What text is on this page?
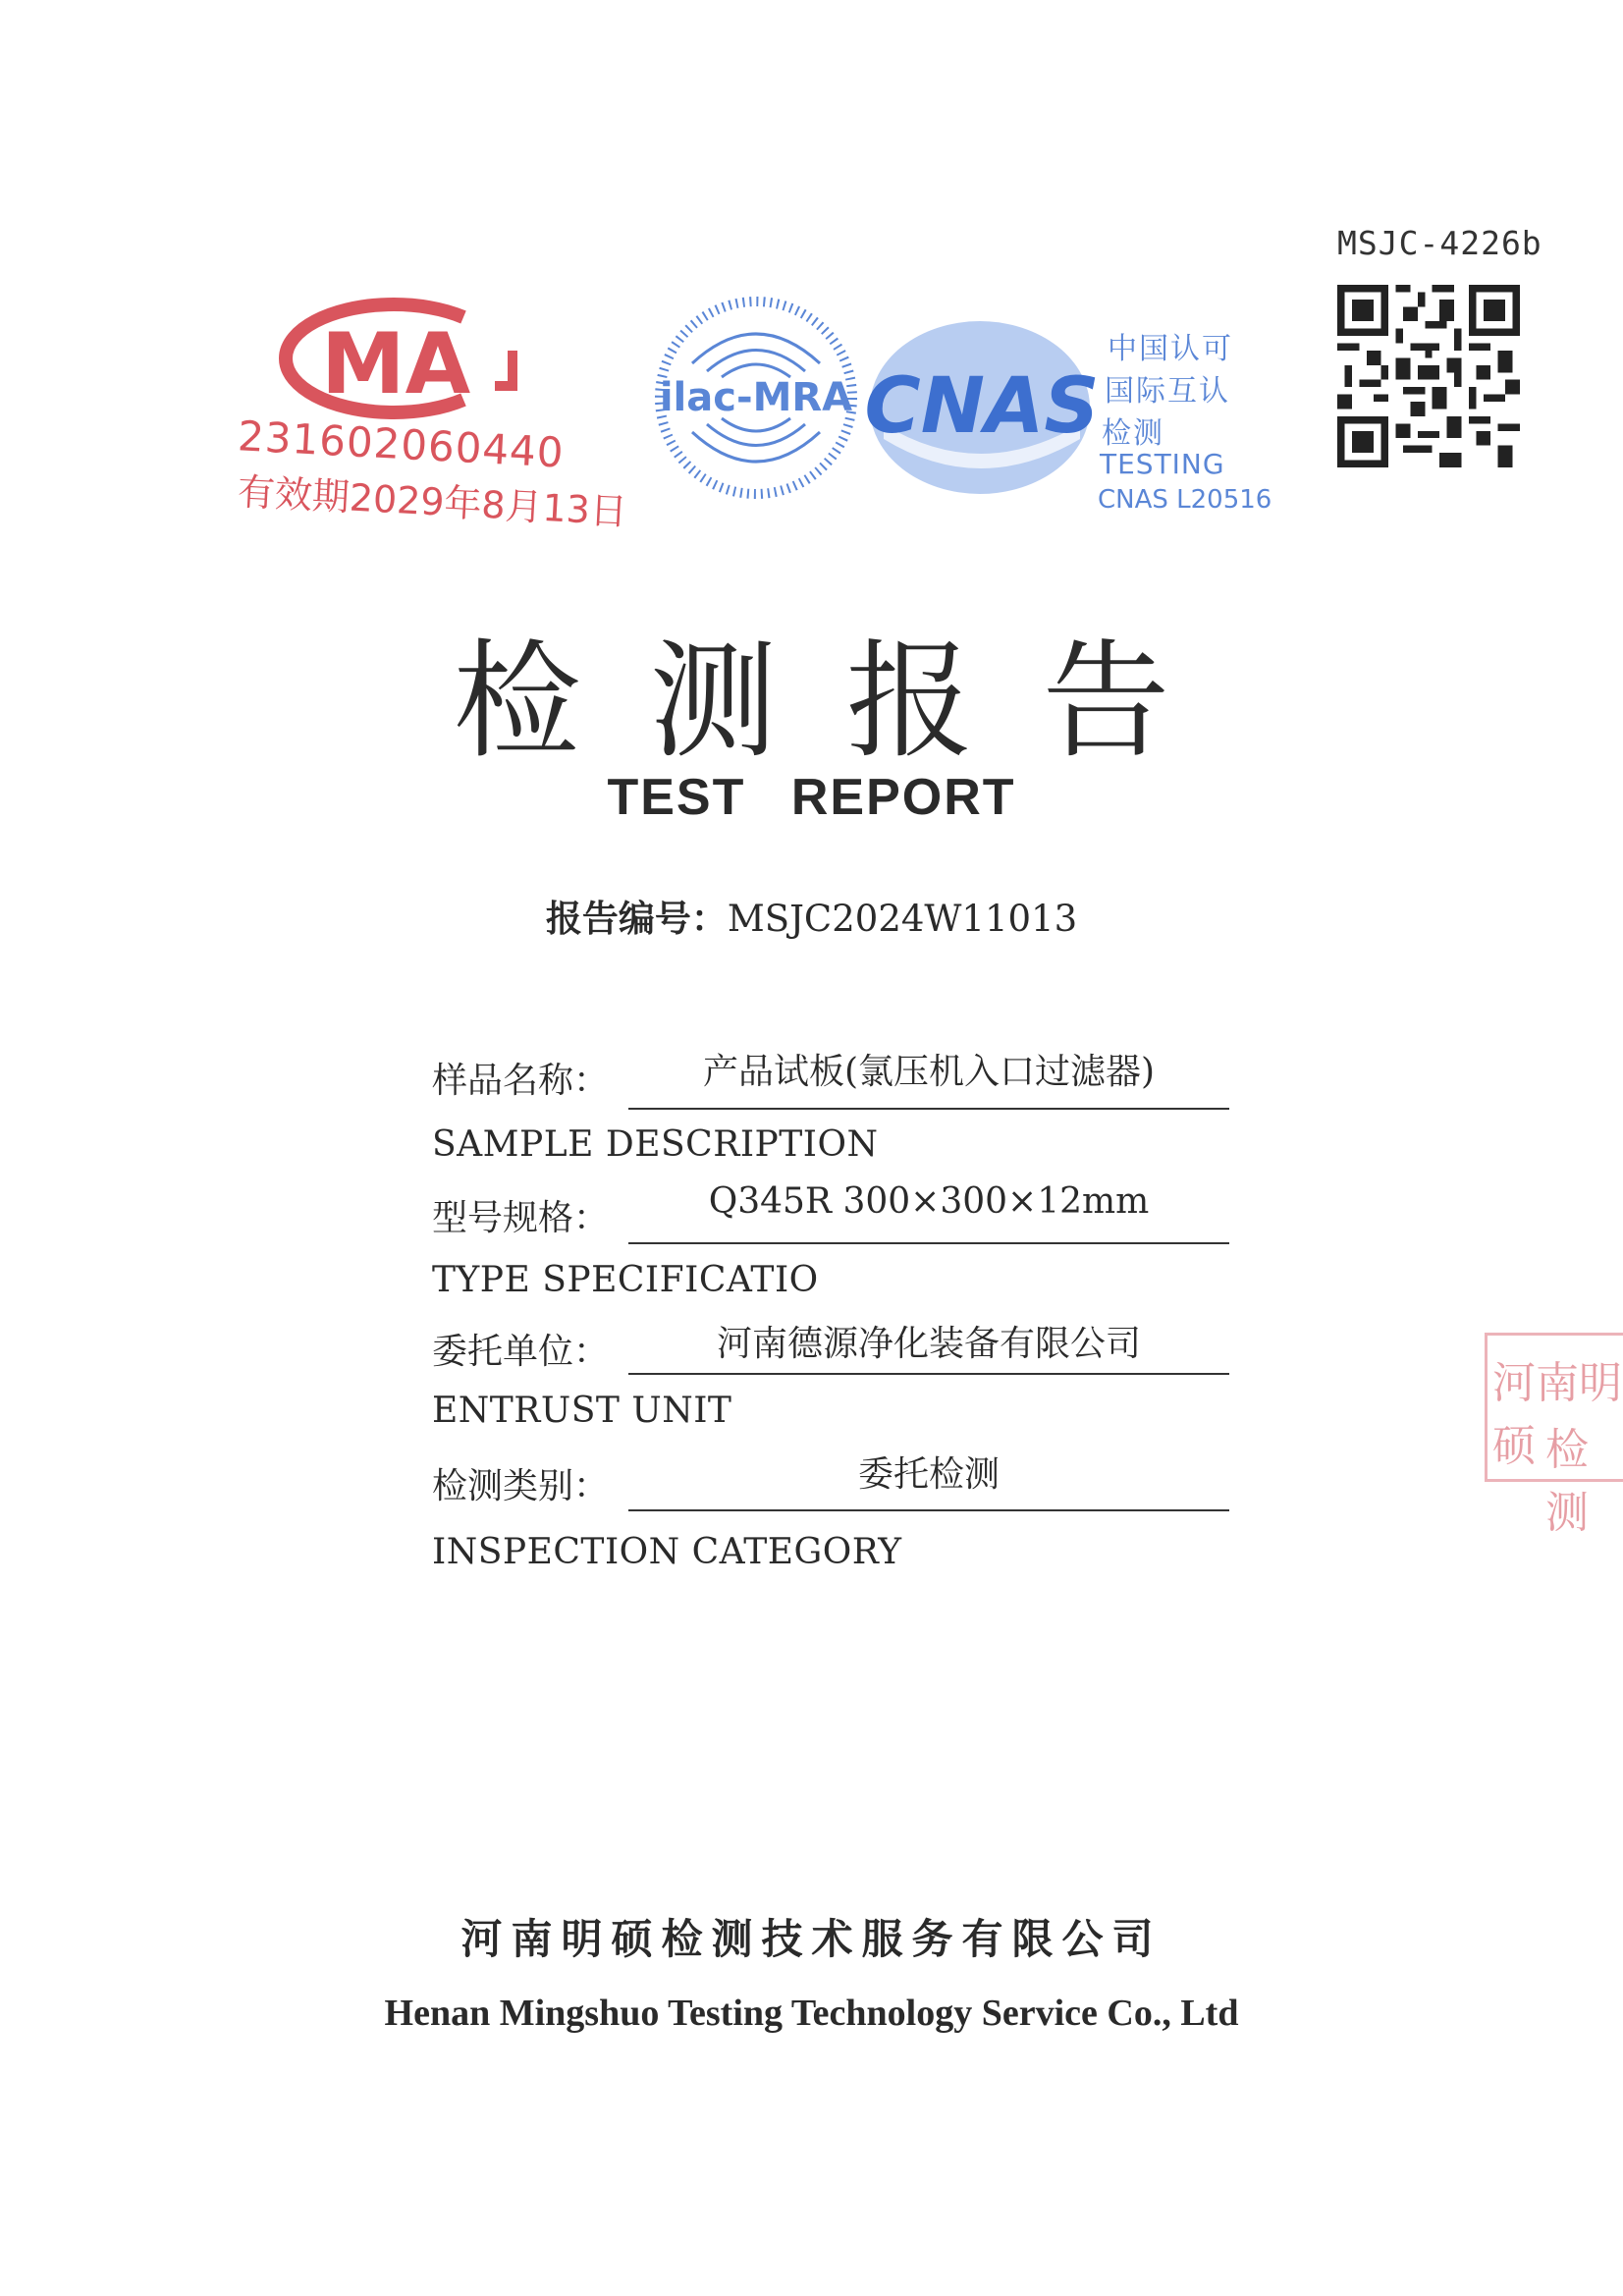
MSJC-4226b
MA
231602060440
有效期2029年8月13日
ilac-MRA CNAS
中国认可
国际互认
检测
TESTING
CNAS L20516
检测报告
TEST REPORT
报告编号：MSJC2024W11013
样品名称：	产品试板(氯压机入口过滤器)
SAMPLE DESCRIPTION
型号规格：	Q345R 300×300×12mm
TYPE SPECIFICATIO
委托单位：	河南德源净化装备有限公司
ENTRUST UNIT
检测类别：	委托检测
INSPECTION CATEGORY
河南明硕 检测
河南明硕检测技术服务有限公司
Henan Mingshuo Testing Technology Service Co., Ltd
